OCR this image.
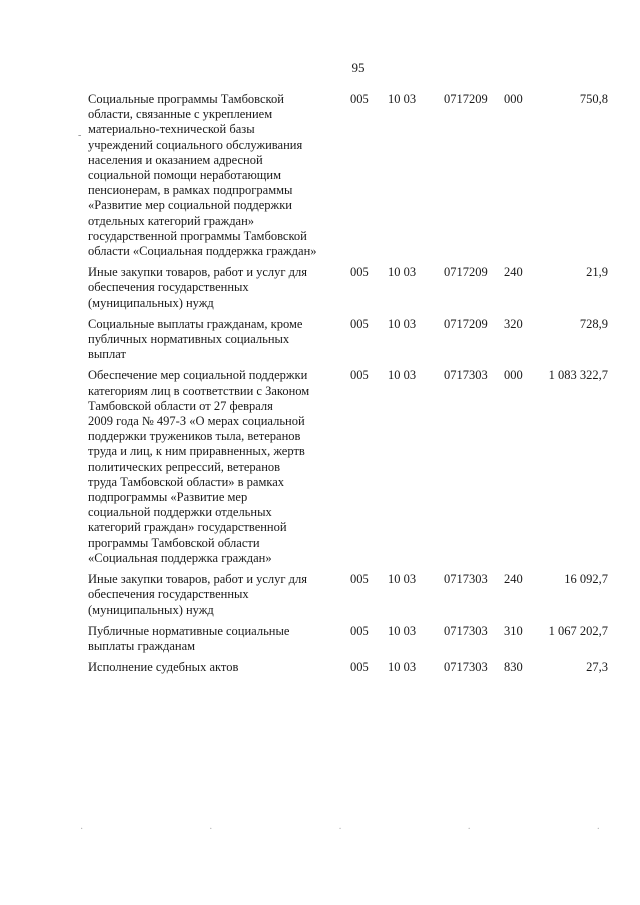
95
-
Социальные программы Тамбовской
области, связанные с укреплением
материально-технической базы
учреждений социального обслуживания
населения и оказанием адресной
социальной помощи неработающим
пенсионерам, в рамках подпрограммы
«Развитие мер социальной поддержки
отдельных категорий граждан»
государственной программы Тамбовской
области «Социальная поддержка граждан»
005	10 03	0717209	000	750,8
Иные закупки товаров, работ и услуг для
обеспечения государственных
(муниципальных) нужд
005	10 03	0717209	240	21,9
Социальные выплаты гражданам, кроме
публичных нормативных социальных
выплат
005	10 03	0717209	320	728,9
Обеспечение мер социальной поддержки
категориям лиц в соответствии с Законом
Тамбовской области от 27 февраля
2009 года № 497-З «О мерах социальной
поддержки тружеников тыла, ветеранов
труда и лиц, к ним приравненных, жертв
политических репрессий, ветеранов
труда Тамбовской области» в рамках
подпрограммы «Развитие мер
социальной поддержки отдельных
категорий граждан» государственной
программы Тамбовской области
«Социальная поддержка граждан»
005	10 03	0717303	000	1 083 322,7
Иные закупки товаров, работ и услуг для
обеспечения государственных
(муниципальных) нужд
005	10 03	0717303	240	16 092,7
Публичные нормативные социальные
выплаты гражданам
005	10 03	0717303	310	1 067 202,7
Исполнение судебных актов	005	10 03	0717303	830	27,3
·	·	·	·	·
